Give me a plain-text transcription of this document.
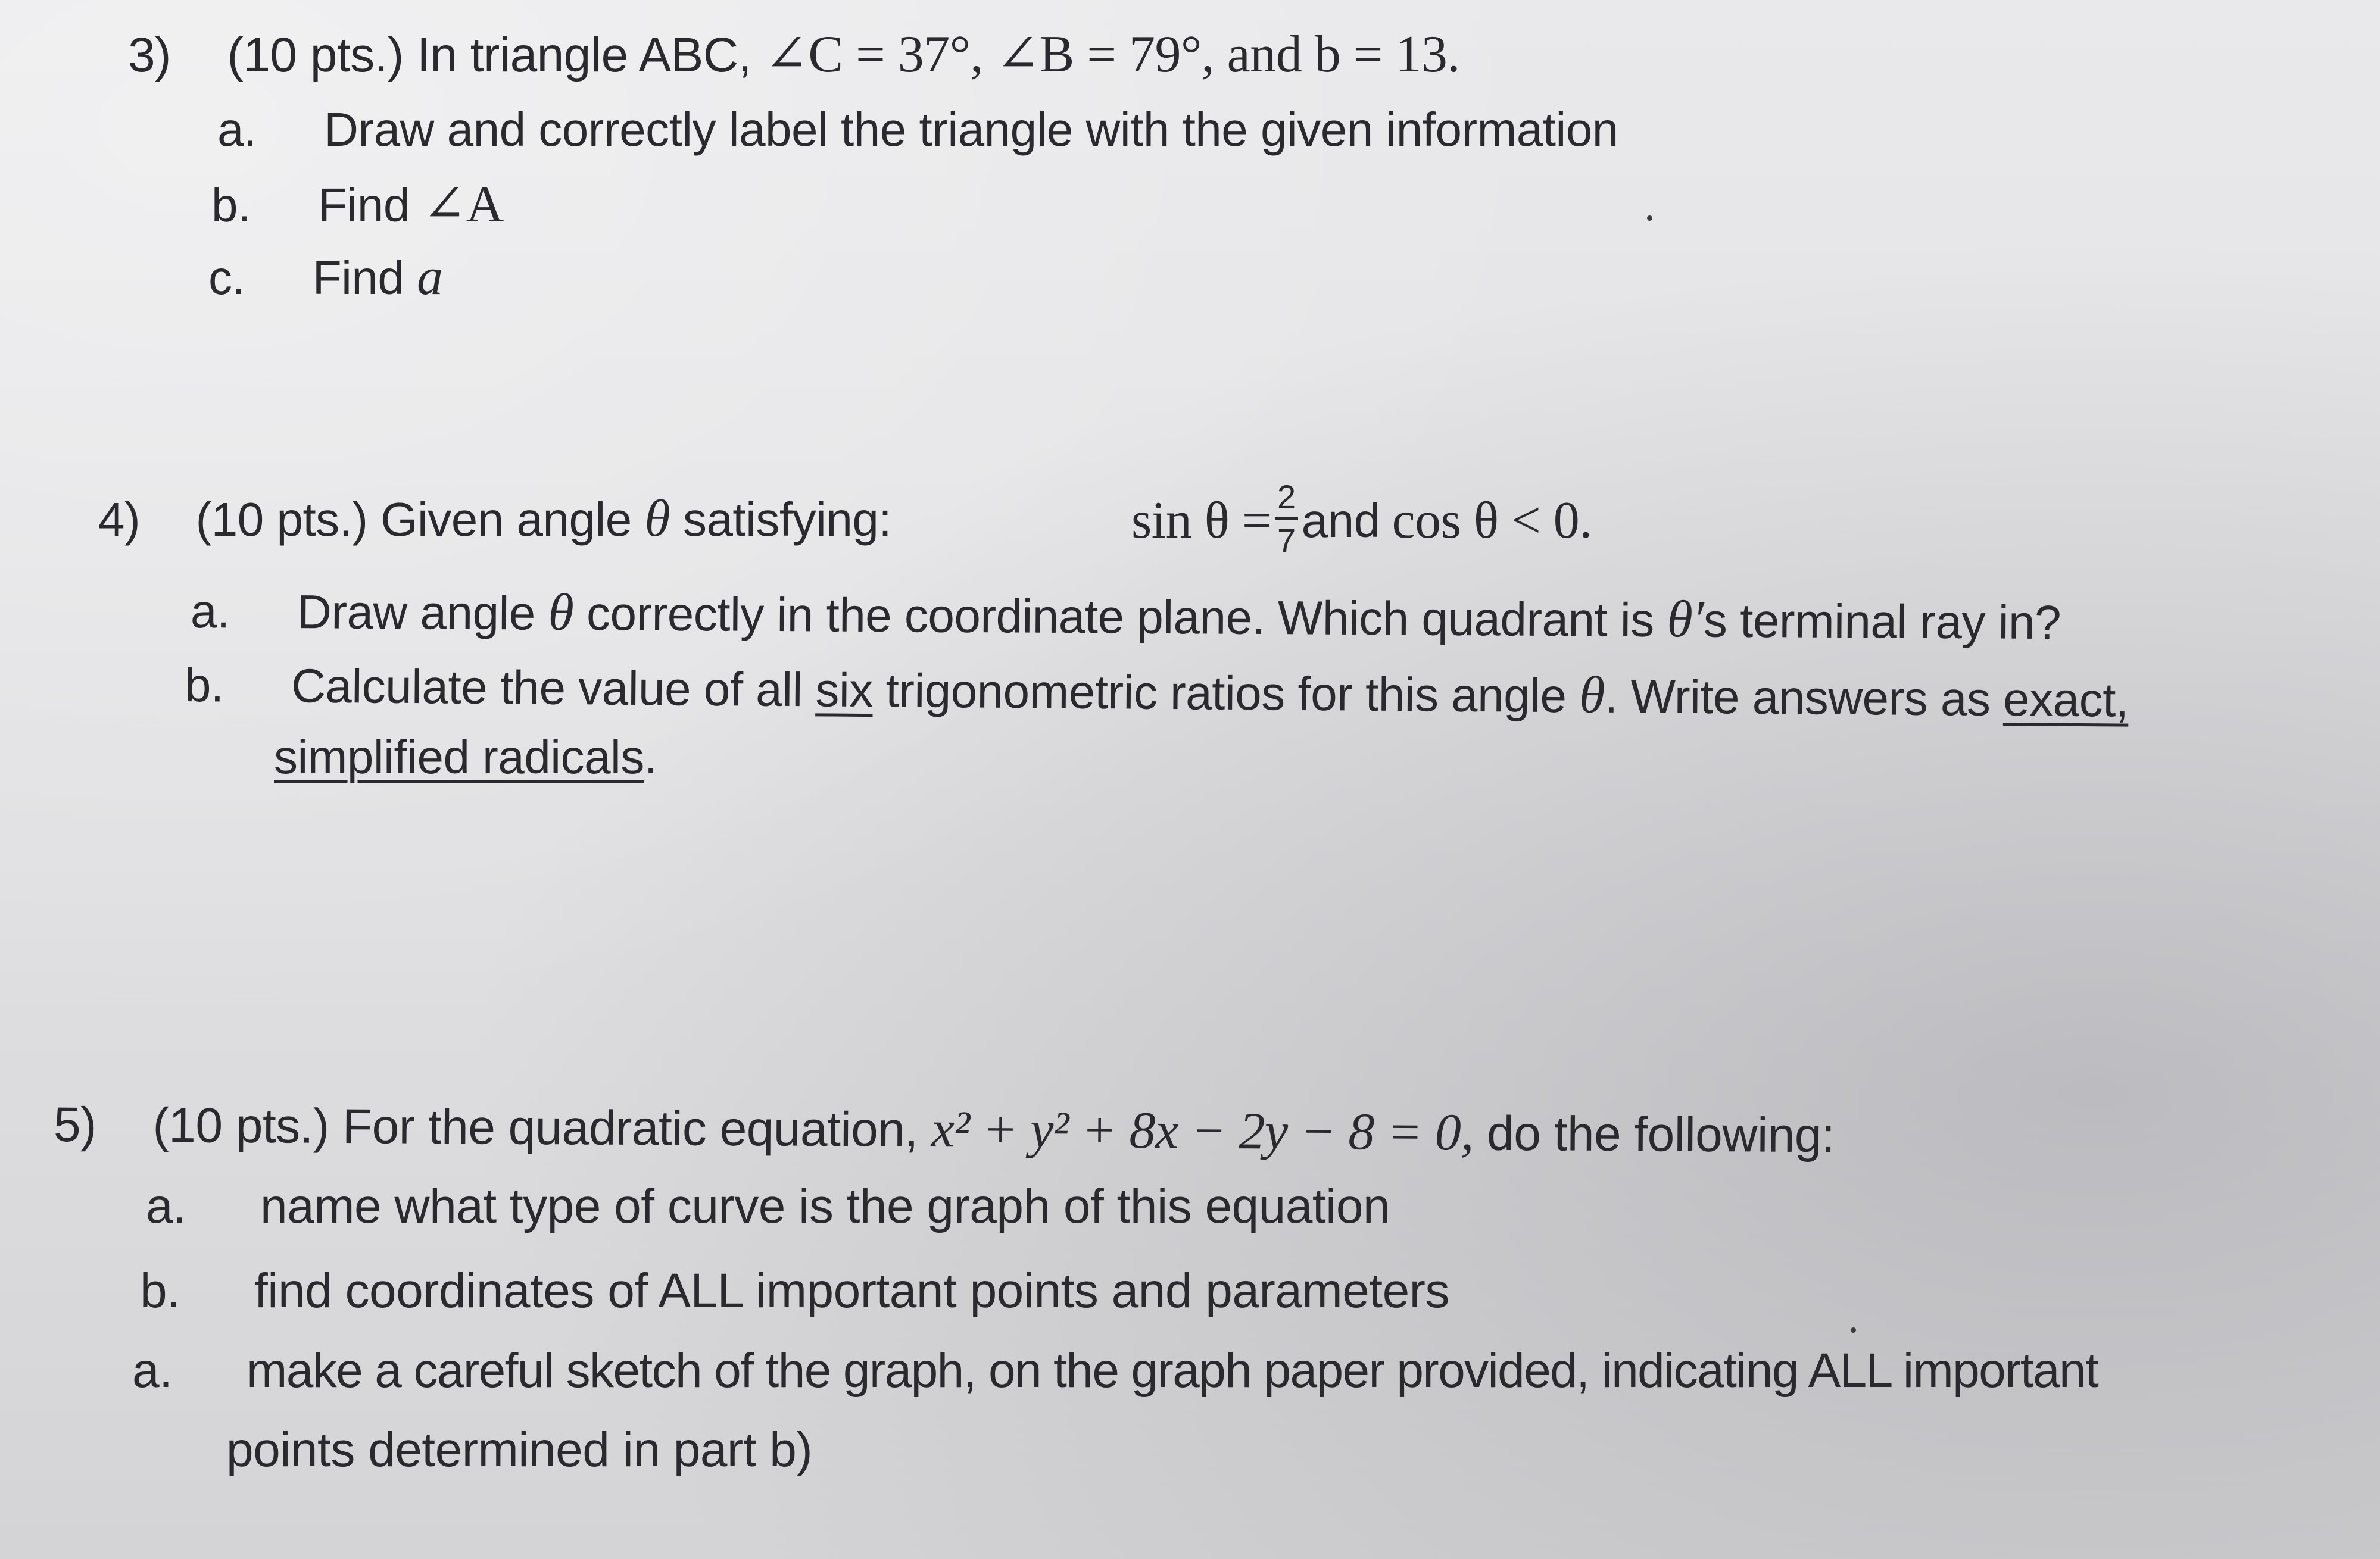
3) (10 pts.) In triangle ABC, ∠C = 37°, ∠B = 79°, and b = 13.
a. Draw and correctly label the triangle with the given information
b. Find ∠A
c. Find a
4) (10 pts.) Given angle θ satisfying:	$\sin \theta = \frac{2}{7}$ and cos θ < 0.
a. Draw angle θ correctly in the coordinate plane. Which quadrant is θ′s terminal ray in?
b. Calculate the value of all six trigonometric ratios for this angle θ. Write answers as exact,
simplified radicals.
5) (10 pts.) For the quadratic equation, x² + y² + 8x − 2y − 8 = 0, do the following:
a. name what type of curve is the graph of this equation
b. find coordinates of ALL important points and parameters
a. make a careful sketch of the graph, on the graph paper provided, indicating ALL important
points determined in part b)
